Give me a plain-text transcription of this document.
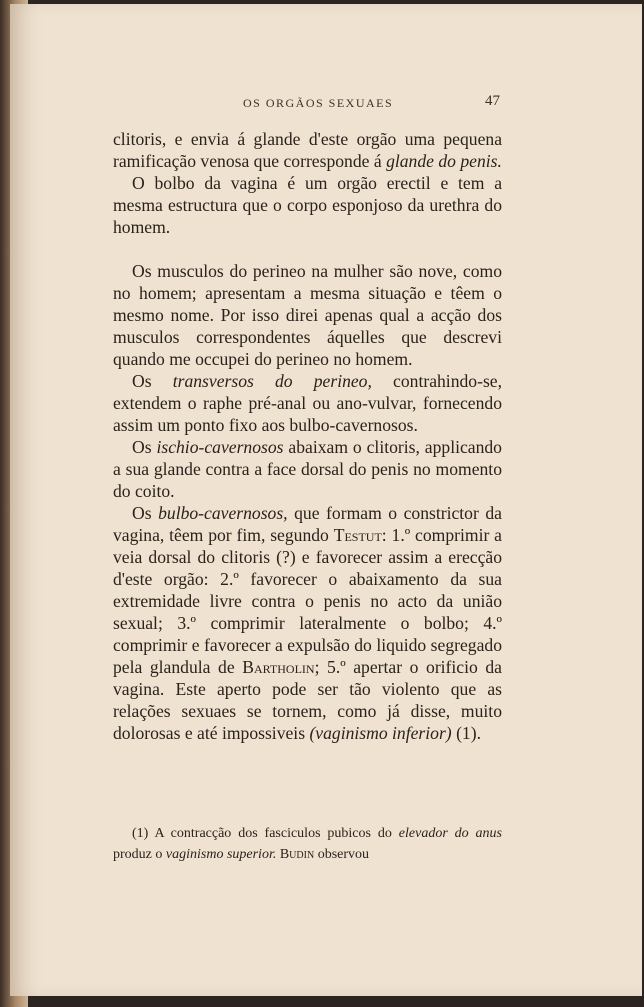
OS ORGÃOS SEXUAES	47

clitoris, e envia á glande d'este orgão uma pequena ramificação venosa que corresponde á glande do penis.

O bolbo da vagina é um orgão erectil e tem a mesma estructura que o corpo esponjoso da urethra do homem.

Os musculos do perineo na mulher são nove, como no homem; apresentam a mesma situação e têem o mesmo nome. Por isso direi apenas qual a acção dos musculos correspondentes áquelles que descrevi quando me occupei do perineo no homem.

Os transversos do perineo, contrahindo-se, extendem o raphe pré-anal ou ano-vulvar, fornecendo assim um ponto fixo aos bulbo-cavernosos.

Os ischio-cavernosos abaixam o clitoris, applicando a sua glande contra a face dorsal do penis no momento do coito.

Os bulbo-cavernosos, que formam o constrictor da vagina, têem por fim, segundo Testut: 1.º comprimir a veia dorsal do clitoris (?) e favorecer assim a erecção d'este orgão: 2.º favorecer o abaixamento da sua extremidade livre contra o penis no acto da união sexual; 3.º comprimir lateralmente o bolbo; 4.º comprimir e favorecer a expulsão do liquido segregado pela glandula de Bartholin; 5.º apertar o orificio da vagina. Este aperto pode ser tão violento que as relações sexuaes se tornem, como já disse, muito dolorosas e até impossiveis (vaginismo inferior) (1).

(1) A contracção dos fasciculos pubicos do elevador do anus produz o vaginismo superior. Budin observou
